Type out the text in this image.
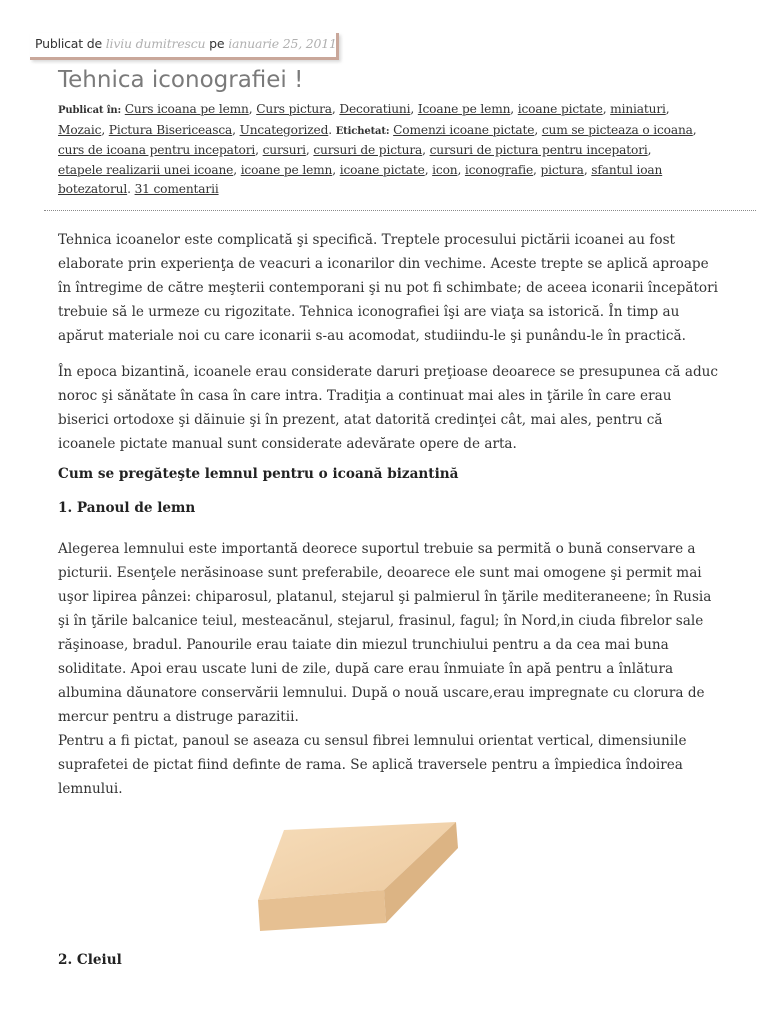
Publicat de liviu dumitrescu pe ianuarie 25, 2011
Tehnica iconografiei !
Publicat în: Curs icoana pe lemn, Curs pictura, Decoratiuni, Icoane pe lemn, icoane pictate, miniaturi, Mozaic, Pictura Bisericeasca, Uncategorized. Etichetat: Comenzi icoane pictate, cum se picteaza o icoana, curs de icoana pentru incepatori, cursuri, cursuri de pictura, cursuri de pictura pentru incepatori, etapele realizarii unei icoane, icoane pe lemn, icoane pictate, icon, iconografie, pictura, sfantul ioan botezatorul. 31 comentarii

Tehnica icoanelor este complicată şi specifică. Treptele procesului pictării icoanei au fost elaborate prin experienţa de veacuri a iconarilor din vechime. Aceste trepte se aplică aproape în întregime de către meşterii contemporani şi nu pot fi schimbate; de aceea iconarii începători trebuie să le urmeze cu rigozitate. Tehnica iconografiei îşi are viaţa sa istorică. În timp au apărut materiale noi cu care iconarii s-au acomodat, studiindu-le şi punându-le în practică.

În epoca bizantină, icoanele erau considerate daruri preţioase deoarece se presupunea că aduc noroc şi sănătate în casa în care intra. Tradiţia a continuat mai ales in ţările în care erau biserici ortodoxe şi dăinuie şi în prezent, atat datorită credinţei cât, mai ales, pentru că icoanele pictate manual sunt considerate adevărate opere de arta.

Cum se pregăteşte lemnul pentru o icoană bizantină
1. Panoul de lemn

Alegerea lemnului este importantă deorece suportul trebuie sa permită o bună conservare a picturii. Esenţele nerăsinoase sunt preferabile, deoarece ele sunt mai omogene şi permit mai uşor lipirea pânzei: chiparosul, platanul, stejarul şi palmierul în ţările mediteraneene; în Rusia şi în ţările balcanice teiul, mesteacănul, stejarul, frasinul, fagul; în Nord,in ciuda fibrelor sale răşinoase, bradul. Panourile erau taiate din miezul trunchiului pentru a da cea mai buna soliditate. Apoi erau uscate luni de zile, după care erau înmuiate în apă pentru a înlătura albumina dăunatore conservării lemnului. După o nouă uscare,erau impregnate cu clorura de mercur pentru a distruge parazitii.

Pentru a fi pictat, panoul se aseaza cu sensul fibrei lemnului orientat vertical, dimensiunile suprafetei de pictat fiind definte de rama. Se aplică traversele pentru a împiedica îndoirea lemnului.

2. Cleiul
